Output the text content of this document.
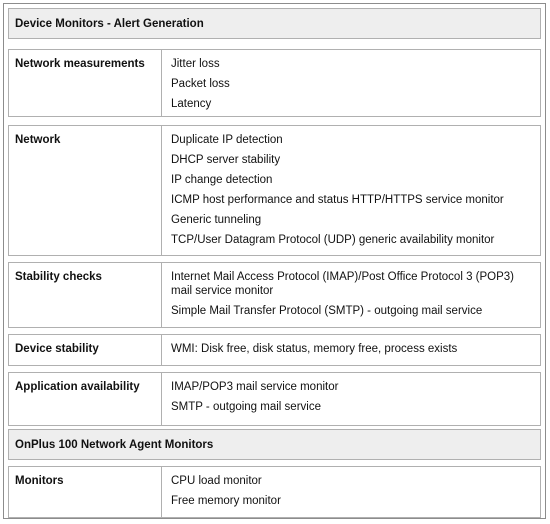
Device Monitors - Alert Generation
Network measurements	Jitter loss
Packet loss
Latency
Network	Duplicate IP detection
DHCP server stability
IP change detection
ICMP host performance and status HTTP/HTTPS service monitor
Generic tunneling
TCP/User Datagram Protocol (UDP) generic availability monitor
Stability checks	Internet Mail Access Protocol (IMAP)/Post Office Protocol 3 (POP3) mail service monitor
Simple Mail Transfer Protocol (SMTP) - outgoing mail service
Device stability	WMI: Disk free, disk status, memory free, process exists
Application availability	IMAP/POP3 mail service monitor
SMTP - outgoing mail service
OnPlus 100 Network Agent Monitors
Monitors	CPU load monitor
Free memory monitor
